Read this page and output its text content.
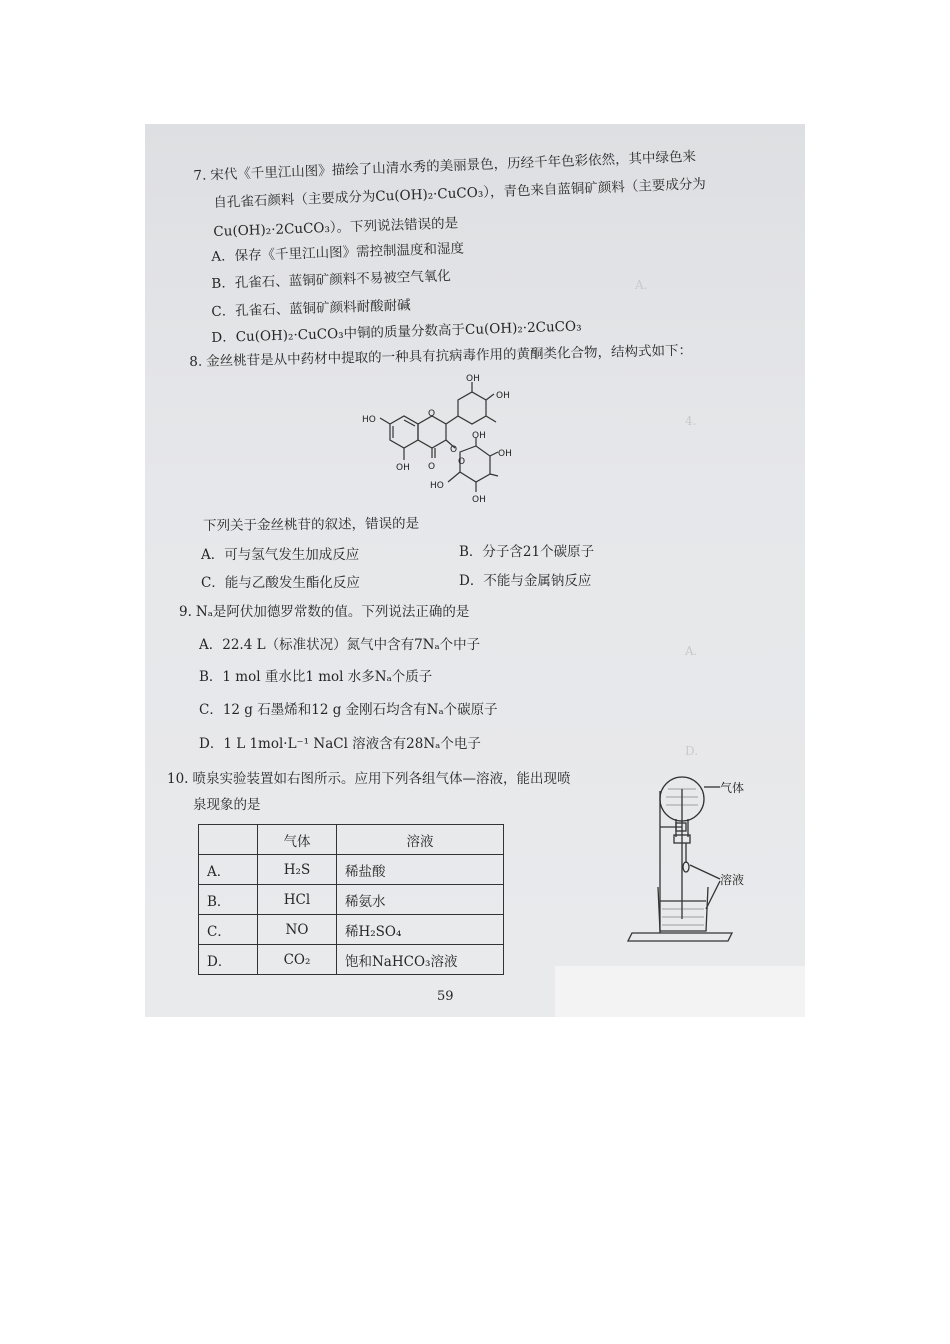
A.　
4.
A.
D.
7. 宋代《千里江山图》描绘了山清水秀的美丽景色，历经千年色彩依然，其中绿色来
自孔雀石颜料（主要成分为Cu(OH)₂·CuCO₃），青色来自蓝铜矿颜料（主要成分为
Cu(OH)₂·2CuCO₃）。下列说法错误的是
A．保存《千里江山图》需控制温度和湿度
B．孔雀石、蓝铜矿颜料不易被空气氧化
C．孔雀石、蓝铜矿颜料耐酸耐碱
D．Cu(OH)₂·CuCO₃中铜的质量分数高于Cu(OH)₂·2CuCO₃
8. 金丝桃苷是从中药材中提取的一种具有抗病毒作用的黄酮类化合物，结构式如下：
HO
OH
OH
OH O
O
O
O
OH
OH
HO
OH
下列关于金丝桃苷的叙述，错误的是
A．可与氢气发生加成反应	B．分子含21个碳原子
C．能与乙酸发生酯化反应	D．不能与金属钠反应
9. Nₐ是阿伏加德罗常数的值。下列说法正确的是
A．22.4 L（标准状况）氮气中含有7Nₐ个中子
B．1 mol 重水比1 mol 水多Nₐ个质子
C．12 g 石墨烯和12 g 金刚石均含有Nₐ个碳原子
D．1 L 1mol·L⁻¹ NaCl 溶液含有28Nₐ个电子
10. 喷泉实验装置如右图所示。应用下列各组气体—溶液，能出现喷
泉现象的是
	气体	溶液
A．	H₂S	稀盐酸
B．	HCl	稀氨水
C．	NO	稀H₂SO₄
D．	CO₂	饱和NaHCO₃溶液
气体
溶液
59
